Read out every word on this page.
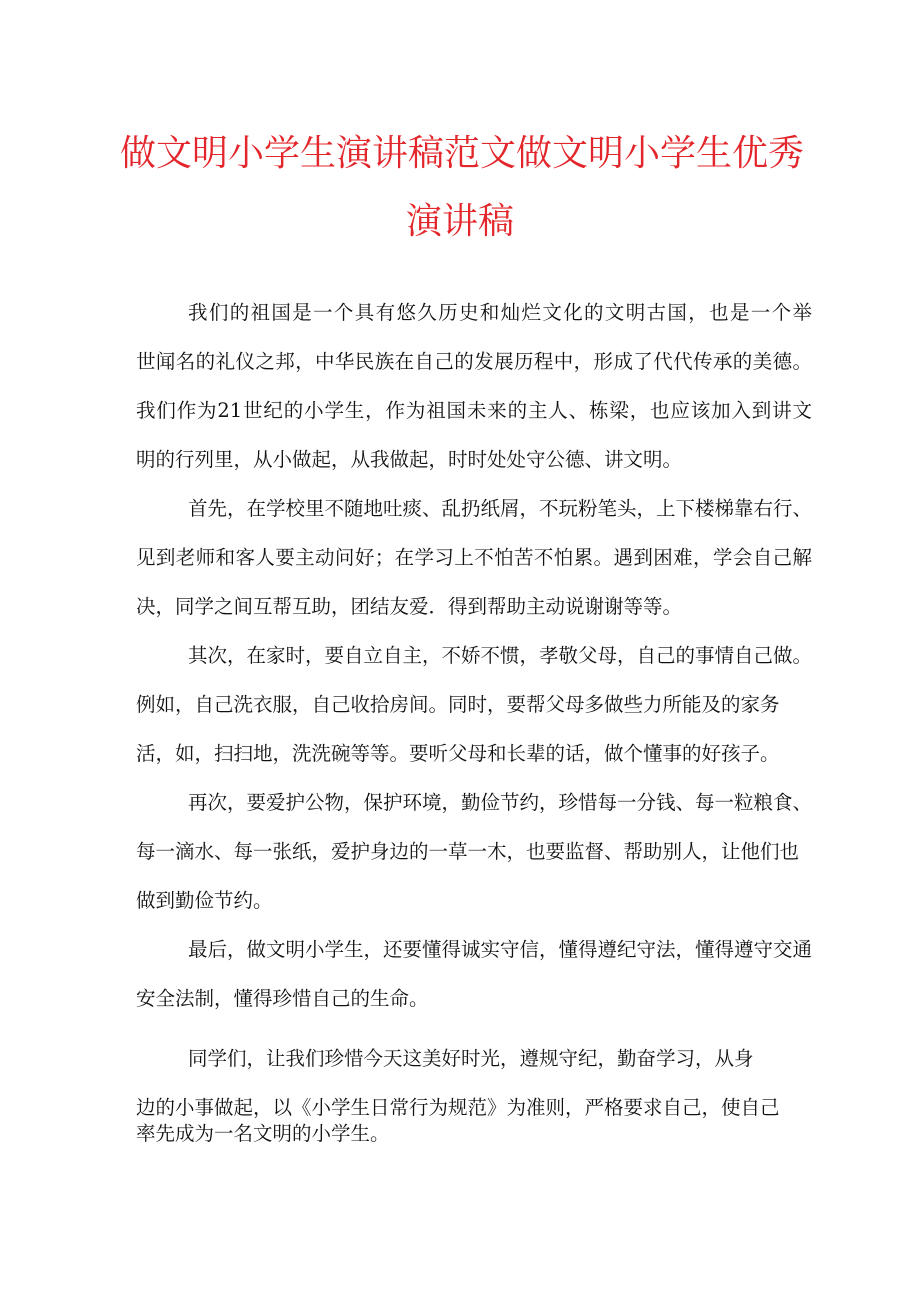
做文明小学生演讲稿范文做文明小学生优秀
演讲稿

我们的祖国是一个具有悠久历史和灿烂文化的文明古国，也是一个举

世闻名的礼仪之邦，中华民族在自己的发展历程中，形成了代代传承的美德。

我们作为21世纪的小学生，作为祖国未来的主人、栋梁，也应该加入到讲文

明的行列里，从小做起，从我做起，时时处处守公德、讲文明。

首先，在学校里不随地吐痰、乱扔纸屑，不玩粉笔头，上下楼梯靠右行、

见到老师和客人要主动问好；在学习上不怕苦不怕累。遇到困难，学会自己解

决，同学之间互帮互助，团结友爱．得到帮助主动说谢谢等等。

其次，在家时，要自立自主，不娇不惯，孝敬父母，自己的事情自己做。

例如，自己洗衣服，自己收拾房间。同时，要帮父母多做些力所能及的家务

活，如，扫扫地，洗洗碗等等。要听父母和长辈的话，做个懂事的好孩子。

再次，要爱护公物，保护环境，勤俭节约，珍惜每一分钱、每一粒粮食、

每一滴水、每一张纸，爱护身边的一草一木，也要监督、帮助别人，让他们也

做到勤俭节约。

最后，做文明小学生，还要懂得诚实守信，懂得遵纪守法，懂得遵守交通

安全法制，懂得珍惜自己的生命。

同学们，让我们珍惜今天这美好时光，遵规守纪，勤奋学习，从身

边的小事做起，以《小学生日常行为规范》为准则，严格要求自己，使自己

率先成为一名文明的小学生。
